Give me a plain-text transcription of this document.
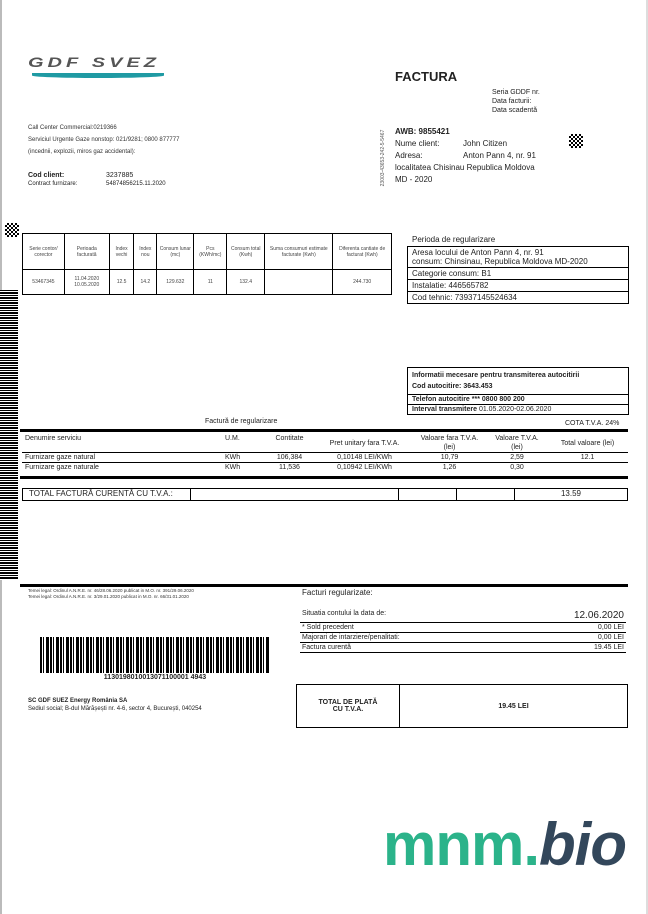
GDF SVEZ
Call Center Commercial:0219366
Serviciul Urgente Gaze nonstop: 021/9281; 0800 877777
(incednii, explozii, miros gaz accidental):
Cod client:	3237885
Contract furnizare:	54874856215.11.2020
FACTURA
Seria GDDF nr.
Data facturii:
Data scadentă
23003-43653-242-5-5467 AWB: 9855421
Nume client:	John Citizen
Adresa:	Anton Pann 4, nr. 91
localitatea Chisinau Republica Moldova
MD - 2020
Serie contor/ corector	Perioada facturată	Index vechi	Index nou	Consum lunar (mc)	Pcs (KWh/mc)	Consum total (Kwh)	Suma consumuri estimate facturate (Kwh)	Diferenta cantiate de facturat (Kwh)
53467345	11.04.2020 10.05.2020	12.5	14.2	129.632	11	132.4		244.730
Perioda de regularizare
Aresa locului de Anton Pann 4, nr. 91
consum: Chinsinau, Republica Moldova MD-2020
Categorie consum: B1
Instalatie: 446565782
Cod tehnic: 73937145524634
Informatii mecesare pentru transmiterea autocitirii
Cod autocitire: 3643.453
Telefon autocitire *** 0800 800 200
Interval transmitere 01.05.2020-02.06.2020
Factură de regularizare	COTA T.V.A. 24%
Denumire serviciu	U.M.	Contitate	Pret unitary fara T.V.A.	Valoare fara T.V.A. (lei)	Valoare T.V.A. (lei)	Total valoare (lei)
Furnizare gaze natural	KWh	106,384	0,10148 LEI/KWh	10,79	2,59	12.1
Furnizare gaze naturale	KWh	11,536	0,10942 LEI/KWh	1,26	0,30	
TOTAL FACTURĂ CURENTĂ CU T.V.A.:	13.59
Temei legal: Ordinul A.N.R.E. nr. 46/28.06.2020 publicat in M.O. nr. 391/29.06.2020
Temei legal: Ordinul A.N.R.E. nr. 3/29.01.2020 publicat in M.O. nr. 66/31.01.2020
1130198010013071100001 4943
SC GDF SUEZ Energy România SA
Sediul social; B-dul Mărășești nr. 4-6, sector 4, București, 040254
Facturi regularizate:
Situatia contului la data de:	12.06.2020
* Sold precedent	0,00 LEI
Majorari de intarziere/penalitati:	0,00 LEI
Factura curentă	19.45 LEI
TOTAL DE PLATĂ
CU T.V.A.	19.45 LEI
mnm.bio
